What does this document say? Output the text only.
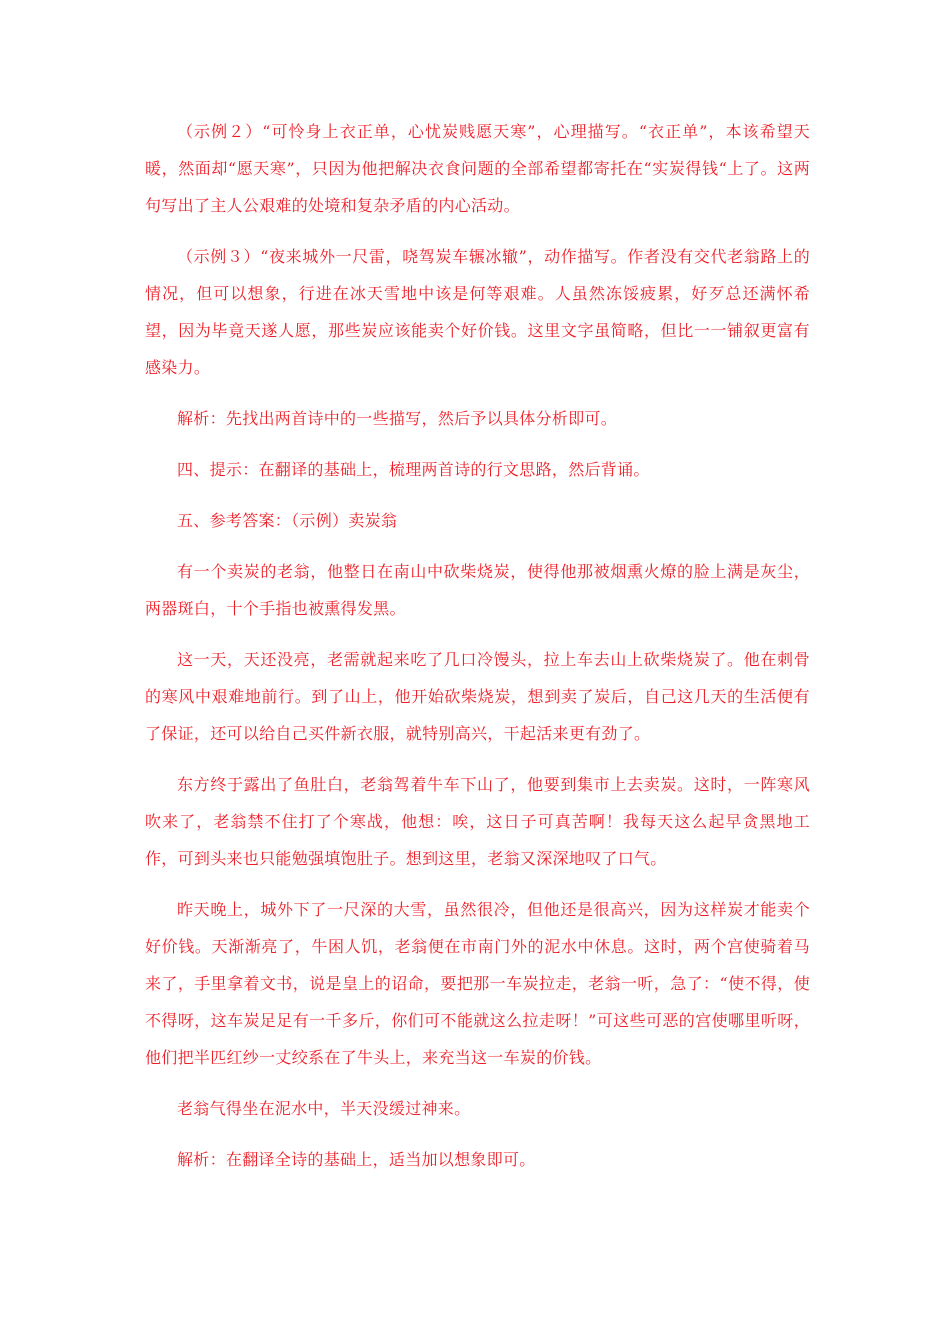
（示例２）“可怜身上衣正单，心忧炭贱愿天寒”，心理描写。“衣正单”，本该希望天暖，然面却“愿天寒”，只因为他把解决衣食问题的全部希望都寄托在“实炭得钱“上了。这两句写出了主人公艰难的处境和复杂矛盾的内心活动。

（示例３）“夜来城外一尺雷，哓驾炭车辗冰辙”，动作描写。作者没有交代老翁路上的情况，但可以想象，行进在冰天雪地中该是何等艰难。人虽然冻馁疲累，好歹总还满怀希望，因为毕竟天遂人愿，那些炭应该能卖个好价钱。这里文字虽简略，但比一一铺叙更富有感染力。

解析：先找出两首诗中的一些描写，然后予以具体分析即可。

四、提示：在翻译的基础上，梳理两首诗的行文思路，然后背诵。

五、参考答案：（示例）卖炭翁

有一个卖炭的老翁，他整日在南山中砍柴烧炭，使得他那被烟熏火燎的脸上满是灰尘，两器斑白，十个手指也被熏得发黑。

这一天，天还没亮，老需就起来吃了几口冷馒头，拉上车去山上砍柴烧炭了。他在刺骨的寒风中艰难地前行。到了山上，他开始砍柴烧炭，想到卖了炭后，自己这几天的生活便有了保证，还可以给自己买件新衣服，就特别高兴，干起活来更有劲了。

东方终于露出了鱼肚白，老翁驾着牛车下山了，他要到集市上去卖炭。这时，一阵寒风吹来了，老翁禁不住打了个寒战，他想：唉，这日子可真苦啊！我每天这么起早贪黑地工作，可到头来也只能勉强填饱肚子。想到这里，老翁又深深地叹了口气。

昨天晚上，城外下了一尺深的大雪，虽然很冷，但他还是很高兴，因为这样炭才能卖个好价钱。天渐渐亮了，牛困人饥，老翁便在市南门外的泥水中休息。这时，两个宫使骑着马来了，手里拿着文书，说是皇上的诏命，要把那一车炭拉走，老翁一听，急了：“使不得，使不得呀，这车炭足足有一千多斤，你们可不能就这么拉走呀！”可这些可恶的宫使哪里听呀，他们把半匹红纱一丈绞系在了牛头上，来充当这一车炭的价钱。

老翁气得坐在泥水中，半天没缓过神来。

解析：在翻译全诗的基础上，适当加以想象即可。
